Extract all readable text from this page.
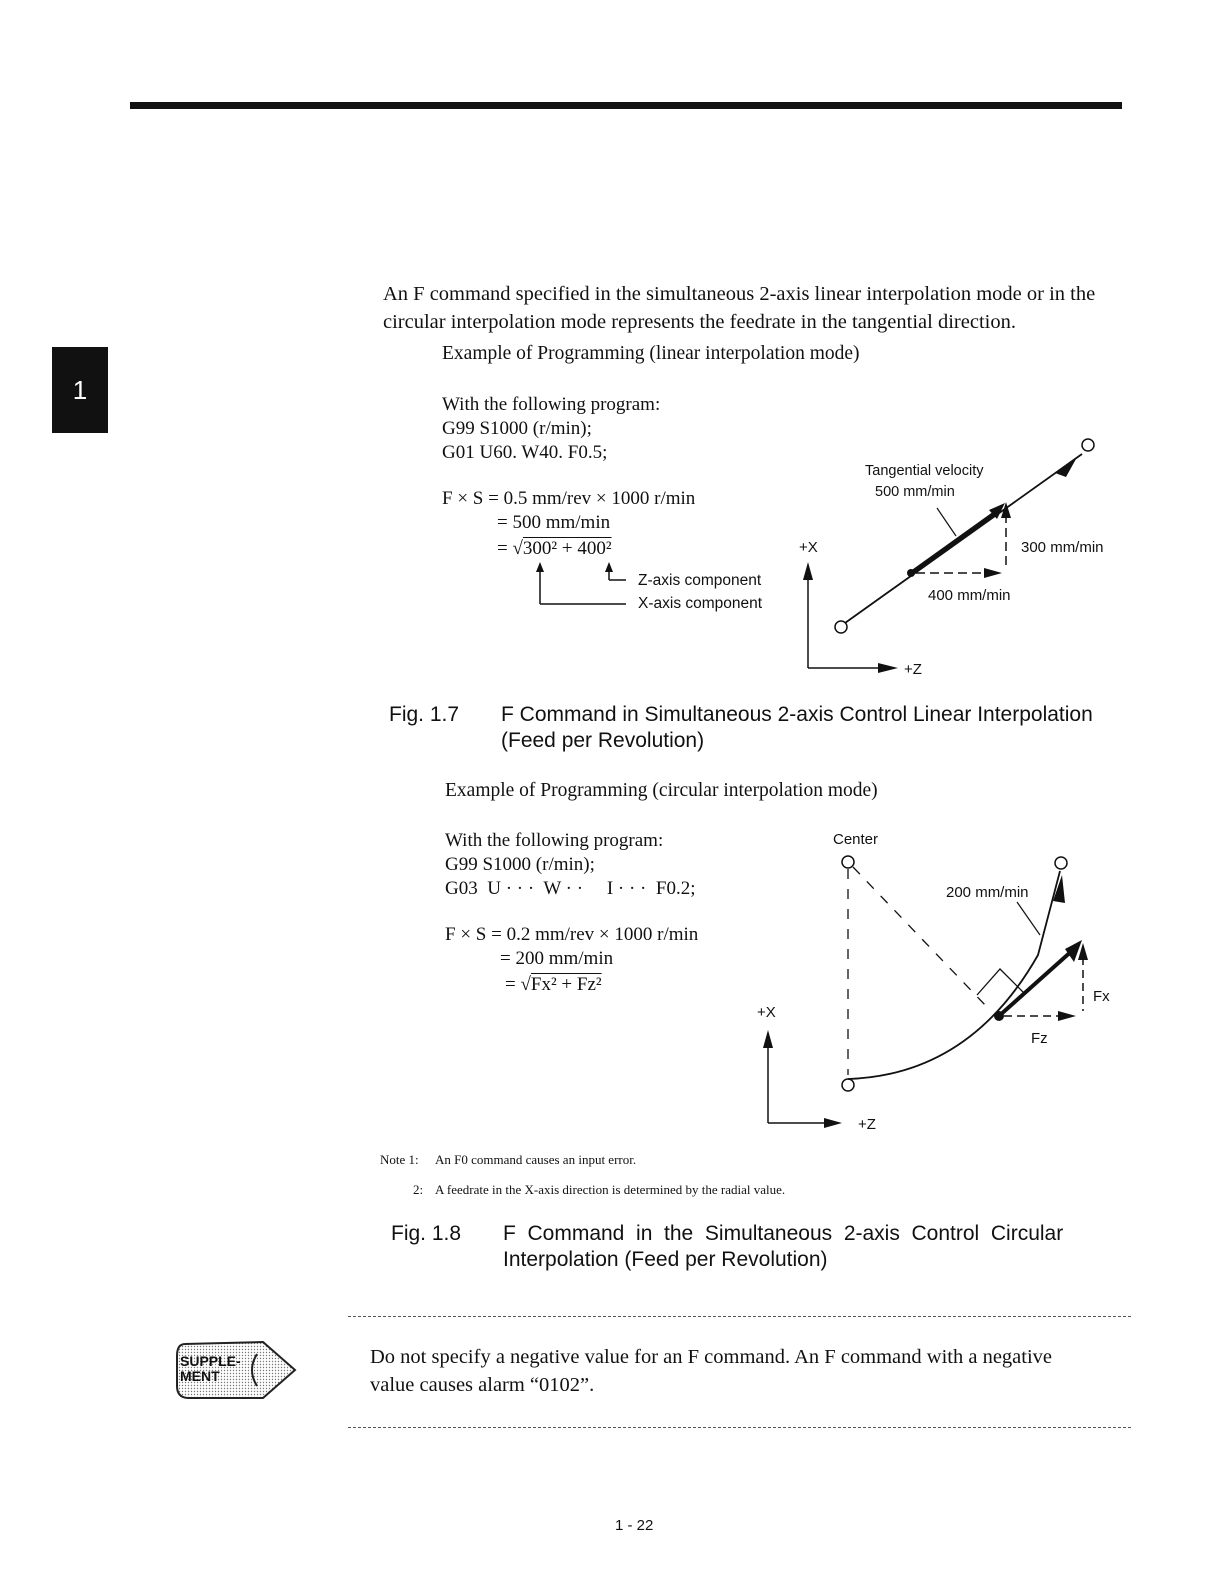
1
An F command specified in the simultaneous 2-axis linear interpolation mode or in the
circular interpolation mode represents the feedrate in the tangential direction.
Example of Programming (linear interpolation mode)
With the following program:
G99 S1000 (r/min);
G01 U60. W40. F0.5;
F × S = 0.5 mm/rev × 1000 r/min
= 500 mm/min
= √300² + 400²
Z-axis component
X-axis component
Tangential velocity
500 mm/min
+X
+Z
300 mm/min
400 mm/min
Fig. 1.7 F Command in Simultaneous 2-axis Control Linear Interpolation
(Feed per Revolution)
Example of Programming (circular interpolation mode)
With the following program:
G99 S1000 (r/min);
G03  U · · ·  W · ·     I · · ·  F0.2;
F × S = 0.2 mm/rev × 1000 r/min
= 200 mm/min
= √Fx² + Fz²
Center
200 mm/min
+X
+Z
Fx
Fz
Note 1: An F0 command causes an input error.
2: A feedrate in the X-axis direction is determined by the radial value.
Fig. 1.8 F  Command  in  the  Simultaneous  2-axis  Control  Circular
Interpolation (Feed per Revolution)
SUPPLE-
MENT
Do not specify a negative value for an F command. An F command with a negative
value causes alarm “0102”.
1 - 22
